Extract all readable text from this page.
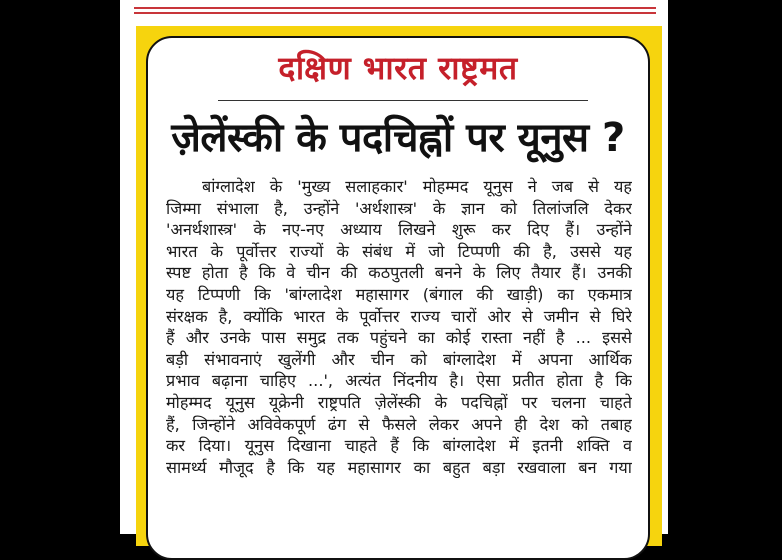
दक्षिण भारत राष्ट्रमत
ज़ेलेंस्की के पदचिह्नों पर यूनुस ?
बांग्लादेश के 'मुख्य सलाहकार' मोहम्मद यूनुस ने जब से यह
जिम्मा संभाला है, उन्होंने 'अर्थशास्त्र' के ज्ञान को तिलांजलि देकर
'अनर्थशास्त्र' के नए-नए अध्याय लिखने शुरू कर दिए हैं। उन्होंने
भारत के पूर्वोत्तर राज्यों के संबंध में जो टिप्पणी की है, उससे यह
स्पष्ट होता है कि वे चीन की कठपुतली बनने के लिए तैयार हैं। उनकी
यह टिप्पणी कि 'बांग्लादेश महासागर (बंगाल की खाड़ी) का एकमात्र
संरक्षक है, क्योंकि भारत के पूर्वोत्तर राज्य चारों ओर से जमीन से घिरे
हैं और उनके पास समुद्र तक पहुंचने का कोई रास्ता नहीं है ... इससे
बड़ी संभावनाएं खुलेंगी और चीन को बांग्लादेश में अपना आर्थिक
प्रभाव बढ़ाना चाहिए ...', अत्यंत निंदनीय है। ऐसा प्रतीत होता है कि
मोहम्मद यूनुस यूक्रेनी राष्ट्रपति ज़ेलेंस्की के पदचिह्नों पर चलना चाहते
हैं, जिन्होंने अविवेकपूर्ण ढंग से फैसले लेकर अपने ही देश को तबाह
कर दिया। यूनुस दिखाना चाहते हैं कि बांग्लादेश में इतनी शक्ति व
सामर्थ्य मौजूद है कि यह महासागर का बहुत बड़ा रखवाला बन गया
